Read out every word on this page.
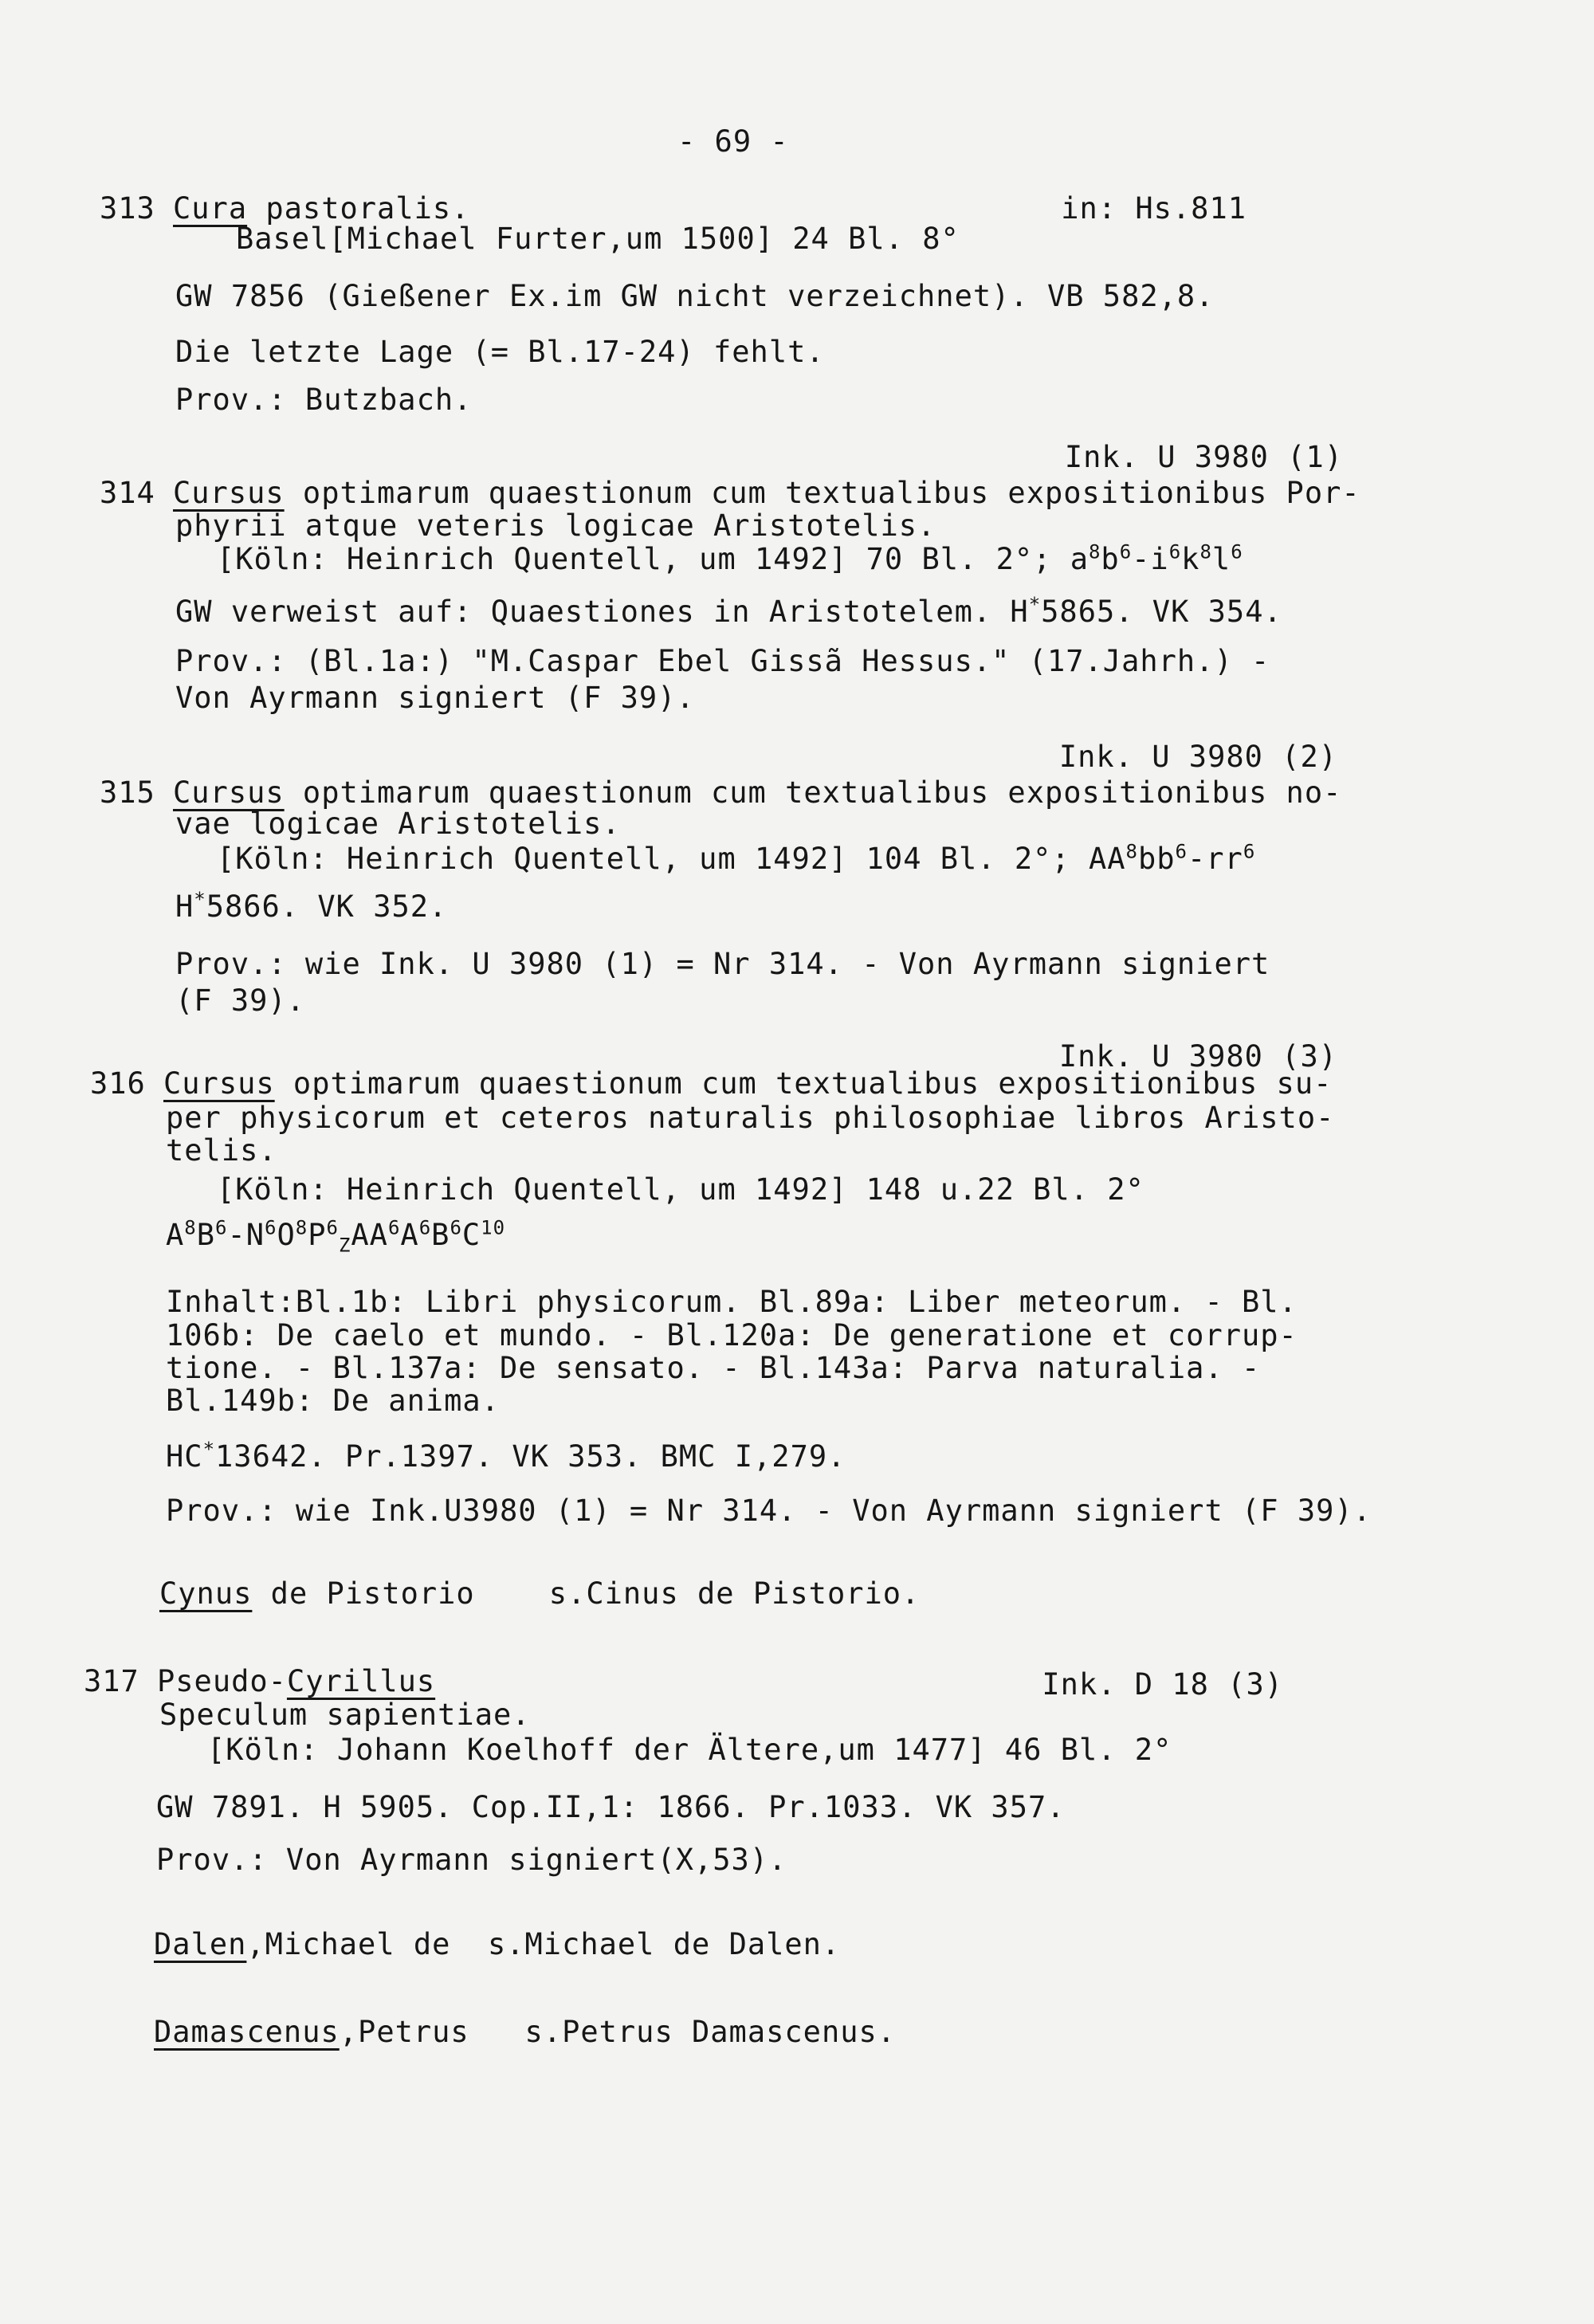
- 69 -
313 Cura pastoralis.	in: Hs.811
Basel[Michael Furter,um 1500] 24 Bl. 8°
GW 7856 (Gießener Ex.im GW nicht verzeichnet). VB 582,8.
Die letzte Lage (= Bl.17-24) fehlt.
Prov.: Butzbach.
Ink. U 3980 (1)
314 Cursus optimarum quaestionum cum textualibus expositionibus Por-
phyrii atque veteris logicae Aristotelis.
[Köln: Heinrich Quentell, um 1492] 70 Bl. 2°; $a^8b^6-i^6k^8l^6$
GW verweist auf: Quaestiones in Aristotelem. H*5865. VK 354.
Prov.: (Bl.1a:) "M.Caspar Ebel Gissã Hessus." (17.Jahrh.) -
Von Ayrmann signiert (F 39).
Ink. U 3980 (2)
315 Cursus optimarum quaestionum cum textualibus expositionibus no-
vae logicae Aristotelis.
[Köln: Heinrich Quentell, um 1492] 104 Bl. 2°; $AA^8bb^6-rr^6$
H*5866. VK 352.
Prov.: wie Ink. U 3980 (1) = Nr 314. - Von Ayrmann signiert
(F 39).
Ink. U 3980 (3)
316 Cursus optimarum quaestionum cum textualibus expositionibus su-
per physicorum et ceteros naturalis philosophiae libros Aristo-
telis.
[Köln: Heinrich Quentell, um 1492] 148 u.22 Bl. 2°
$A^8B^6-N^6O^8P^6_ZAA^6A^6B^6C^{10}$
Inhalt:Bl.1b: Libri physicorum. Bl.89a: Liber meteorum. - Bl.
106b: De caelo et mundo. - Bl.120a: De generatione et corrup-
tione. - Bl.137a: De sensato. - Bl.143a: Parva naturalia. -
Bl.149b: De anima.
HC*13642. Pr.1397. VK 353. BMC I,279.
Prov.: wie Ink.U3980 (1) = Nr 314. - Von Ayrmann signiert (F 39).
Cynus de Pistorio    s.Cinus de Pistorio.
317 Pseudo-Cyrillus	Ink. D 18 (3)
Speculum sapientiae.
[Köln: Johann Koelhoff der Ältere,um 1477] 46 Bl. 2°
GW 7891. H 5905. Cop.II,1: 1866. Pr.1033. VK 357.
Prov.: Von Ayrmann signiert(X,53).
Dalen,Michael de  s.Michael de Dalen.
Damascenus,Petrus   s.Petrus Damascenus.
